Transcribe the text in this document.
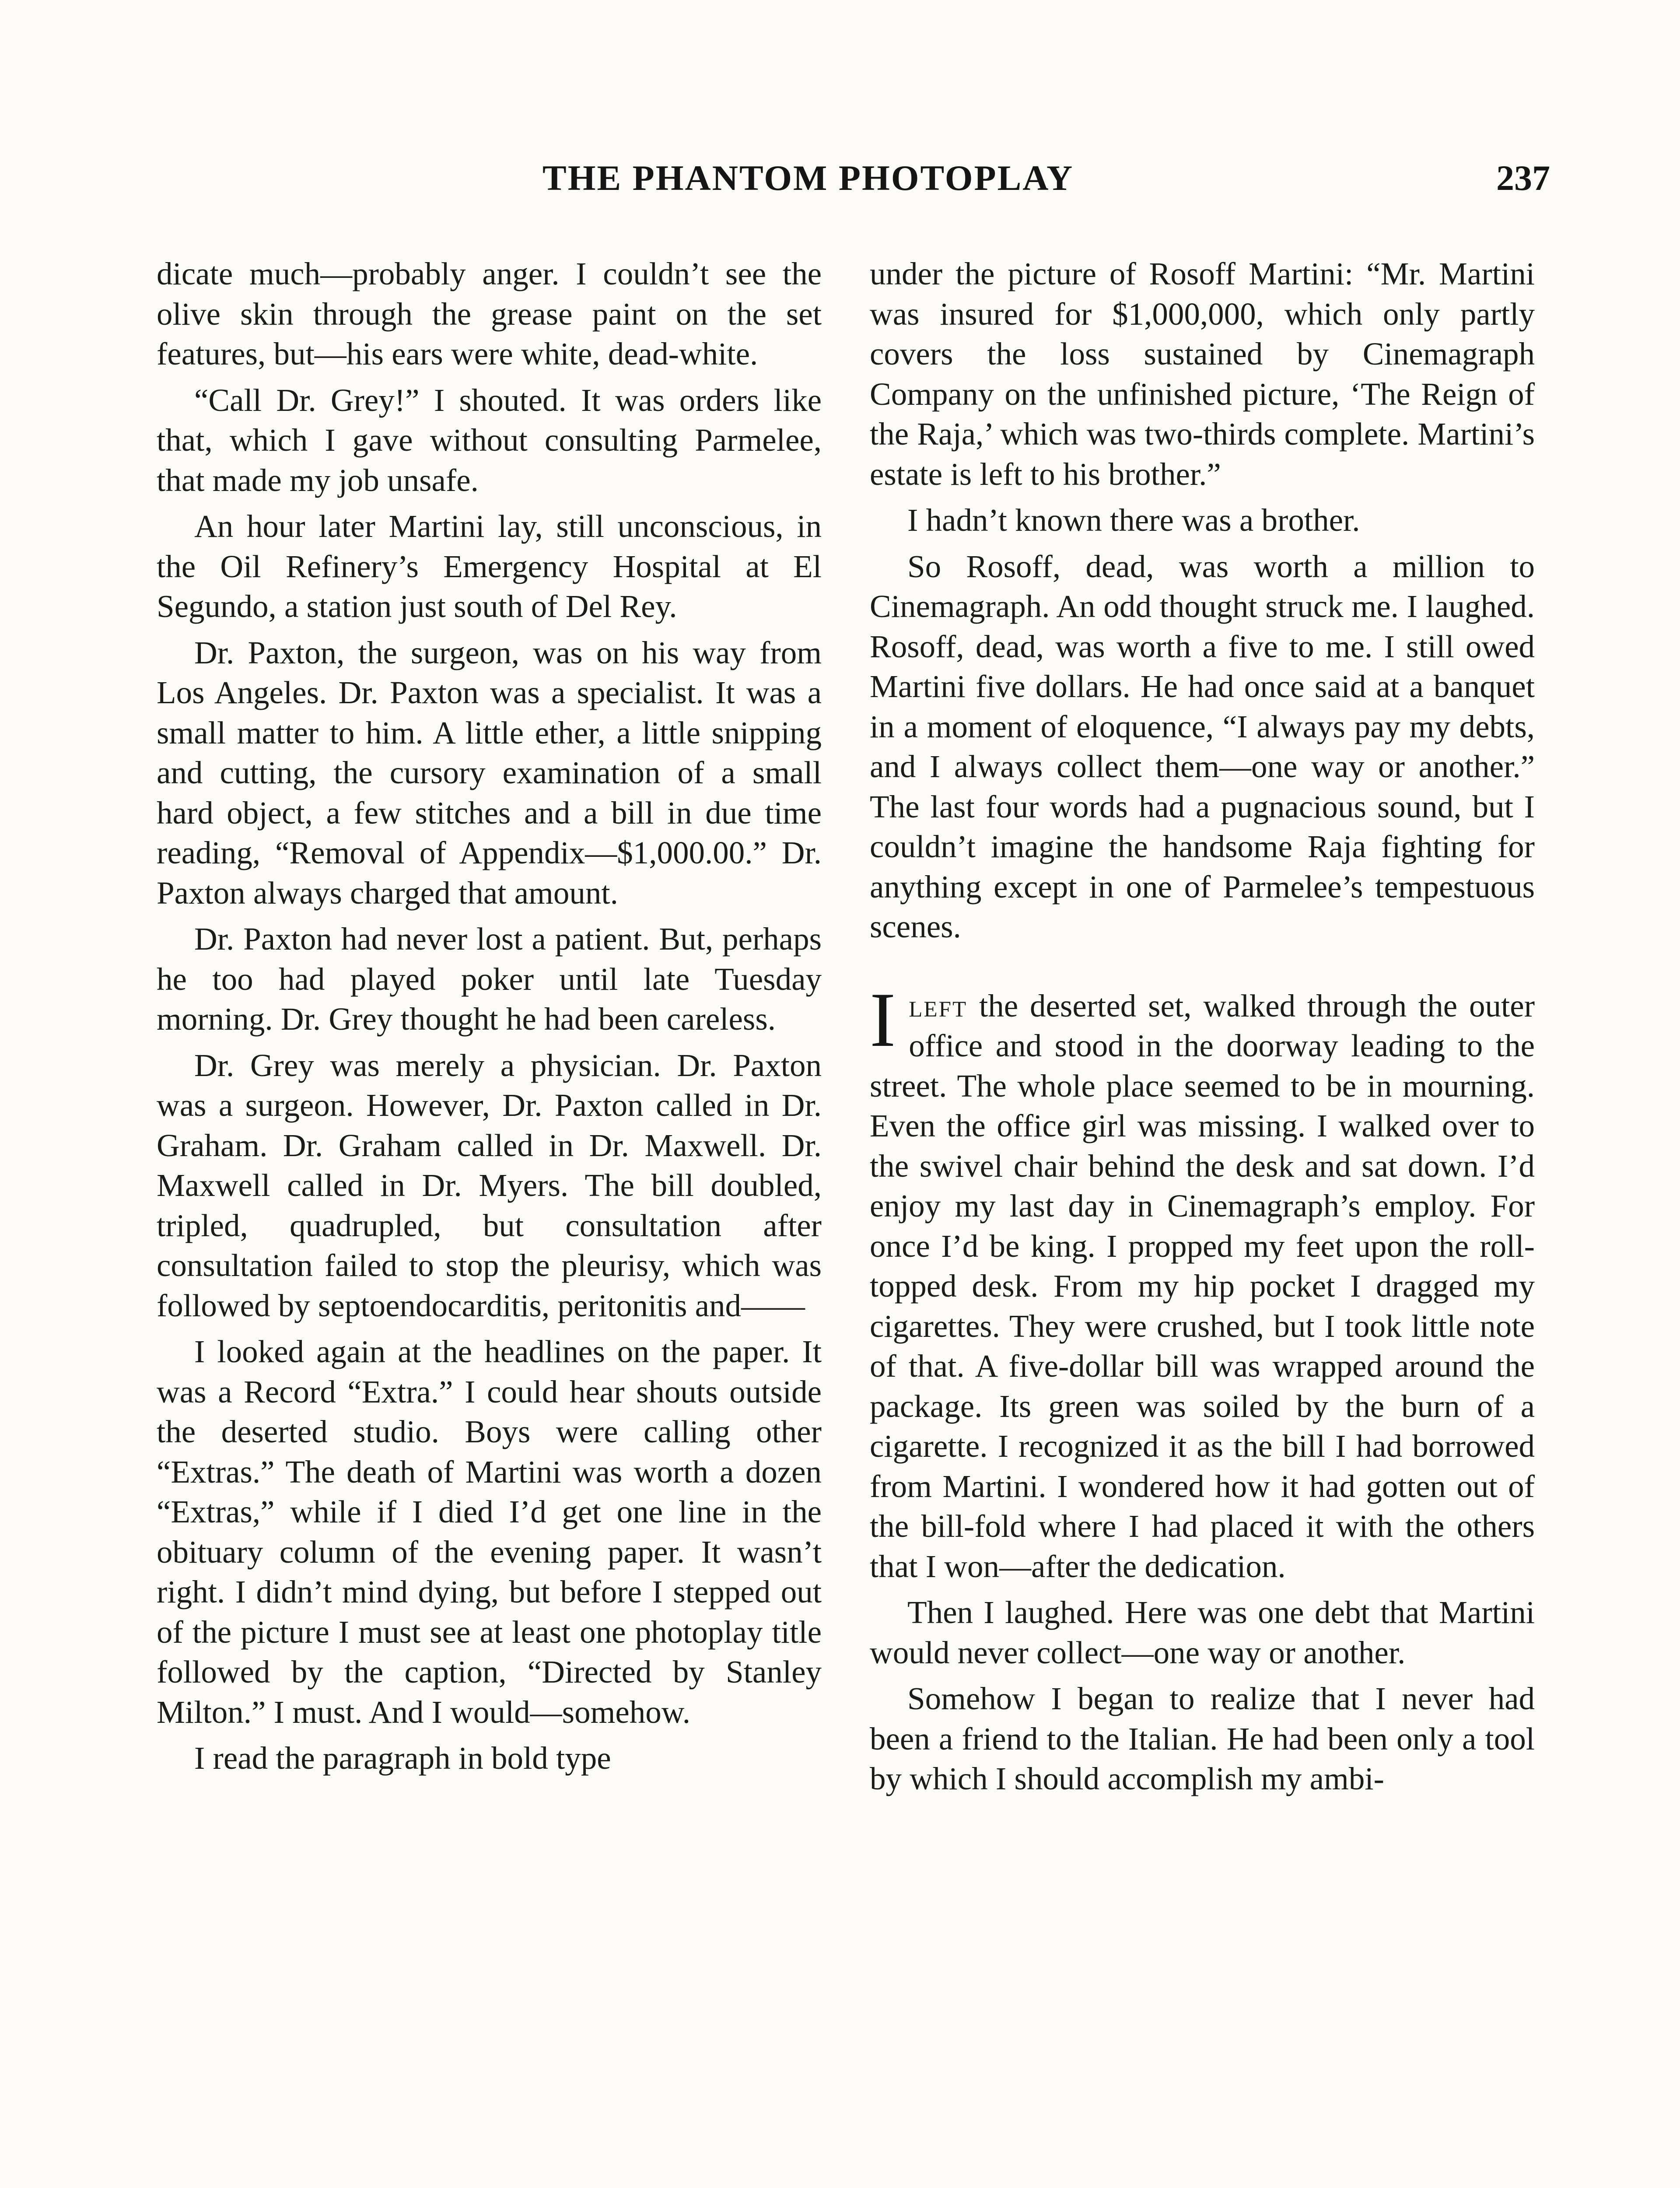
THE PHANTOM PHOTOPLAY	237

dicate much—probably anger. I couldn’t see the olive skin through the grease paint on the set features, but—his ears were white, dead-white.

“Call Dr. Grey!” I shouted. It was orders like that, which I gave without consulting Parmelee, that made my job unsafe.

An hour later Martini lay, still unconscious, in the Oil Refinery’s Emergency Hospital at El Segundo, a station just south of Del Rey.

Dr. Paxton, the surgeon, was on his way from Los Angeles. Dr. Paxton was a specialist. It was a small matter to him. A little ether, a little snipping and cutting, the cursory examination of a small hard object, a few stitches and a bill in due time reading, “Removal of Appendix—$1,000.00.” Dr. Paxton always charged that amount.

Dr. Paxton had never lost a patient. But, perhaps he too had played poker until late Tuesday morning. Dr. Grey thought he had been careless.

Dr. Grey was merely a physician. Dr. Paxton was a surgeon. However, Dr. Paxton called in Dr. Graham. Dr. Graham called in Dr. Maxwell. Dr. Maxwell called in Dr. Myers. The bill doubled, tripled, quadrupled, but consultation after consultation failed to stop the pleurisy, which was followed by septoendocarditis, peritonitis and——

I looked again at the headlines on the paper. It was a Record “Extra.” I could hear shouts outside the deserted studio. Boys were calling other “Extras.” The death of Martini was worth a dozen “Extras,” while if I died I’d get one line in the obituary column of the evening paper. It wasn’t right. I didn’t mind dying, but before I stepped out of the picture I must see at least one photoplay title followed by the caption, “Directed by Stanley Milton.” I must. And I would—somehow.

I read the paragraph in bold type

under the picture of Rosoff Martini: “Mr. Martini was insured for $1,000,000, which only partly covers the loss sustained by Cinemagraph Company on the unfinished picture, ‘The Reign of the Raja,’ which was two-thirds complete. Martini’s estate is left to his brother.”

I hadn’t known there was a brother.

So Rosoff, dead, was worth a million to Cinemagraph. An odd thought struck me. I laughed. Rosoff, dead, was worth a five to me. I still owed Martini five dollars. He had once said at a banquet in a moment of eloquence, “I always pay my debts, and I always collect them—one way or another.” The last four words had a pugnacious sound, but I couldn’t imagine the handsome Raja fighting for anything except in one of Parmelee’s tempestuous scenes.

Ileft the deserted set, walked through the outer office and stood in the doorway leading to the street. The whole place seemed to be in mourning. Even the office girl was missing. I walked over to the swivel chair behind the desk and sat down. I’d enjoy my last day in Cinemagraph’s employ. For once I’d be king. I propped my feet upon the roll-topped desk. From my hip pocket I dragged my cigarettes. They were crushed, but I took little note of that. A five-dollar bill was wrapped around the package. Its green was soiled by the burn of a cigarette. I recognized it as the bill I had borrowed from Martini. I wondered how it had gotten out of the bill-fold where I had placed it with the others that I won—after the dedication.

Then I laughed. Here was one debt that Martini would never collect—one way or another.

Somehow I began to realize that I never had been a friend to the Italian. He had been only a tool by which I should accomplish my ambi-
